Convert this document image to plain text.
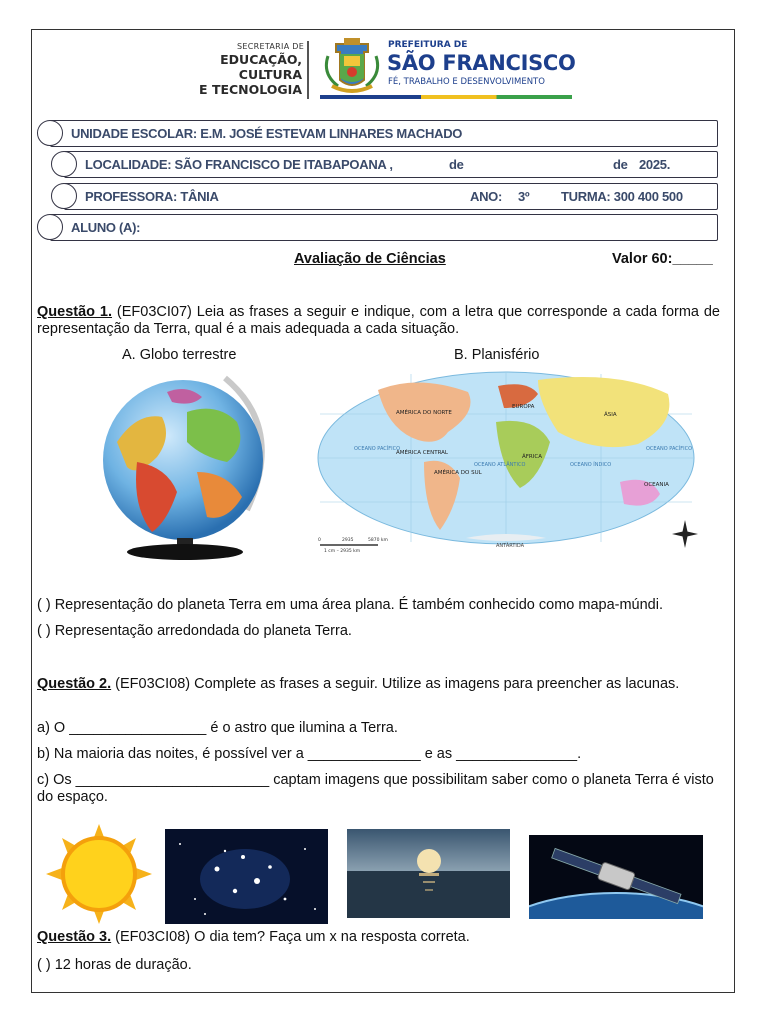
SECRETARIA DE
EDUCAÇÃO,
CULTURA
E TECNOLOGIA
PREFEITURA DE
SÃO FRANCISCO
FÉ, TRABALHO E DESENVOLVIMENTO
UNIDADE ESCOLAR: E.M. JOSÉ ESTEVAM LINHARES MACHADO
LOCALIDADE: SÃO FRANCISCO DE ITABAPOANA ,	de	de 2025.
PROFESSORA: TÂNIA	ANO: 3º TURMA: 300 400 500
ALUNO (A):
Avaliação de Ciências	Valor 60:_____
Questão 1. (EF03CI07) Leia as frases a seguir e indique, com a letra que corresponde a cada forma de representação da Terra, qual é a mais adequada a cada situação.
A. Globo terrestre	B. Planisfério
AMÉRICA DO NORTE
AMÉRICA CENTRAL
AMÉRICA DO SUL
EUROPA
ÁSIA
ÁFRICA
OCEANIA
ANTÁRTIDA
OCEANO PACÍFICO	OCEANO PACÍFICO
OCEANO ATLÂNTICO	OCEANO ÍNDICO
0	2935	5870 km
1 cm – 2935 km
( ) Representação do planeta Terra em uma área plana. É também conhecido como mapa-múndi.
( ) Representação arredondada do planeta Terra.
Questão 2. (EF03CI08) Complete as frases a seguir. Utilize as imagens para preencher as lacunas.
a) O _________________ é o astro que ilumina a Terra.
b) Na maioria das noites, é possível ver a ______________ e as _______________.
c) Os ________________________ captam imagens que possibilitam saber como o planeta Terra é visto do espaço.
Questão 3. (EF03CI08) O dia tem? Faça um x na resposta correta.
( ) 12 horas de duração.
